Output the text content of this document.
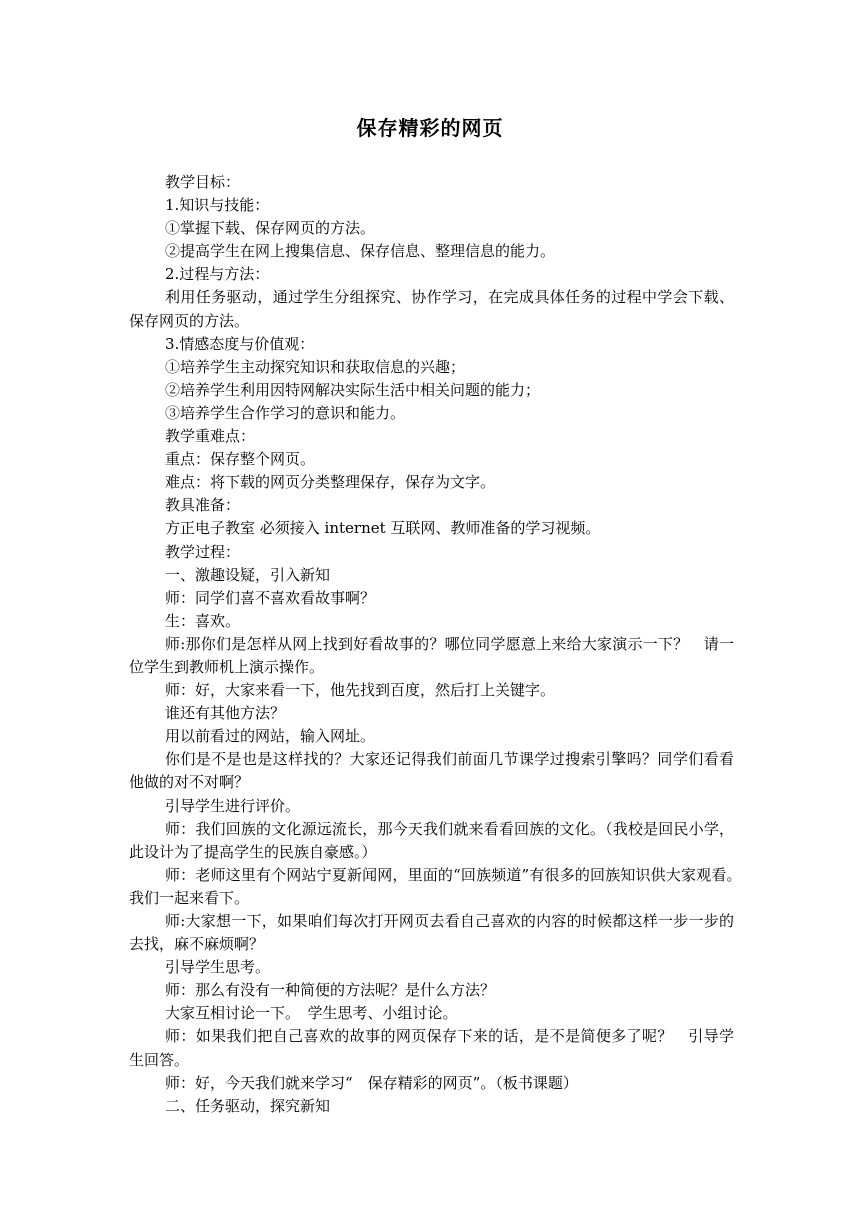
保存精彩的网页

教学目标：

1.知识与技能：

①掌握下载、保存网页的方法。

②提高学生在网上搜集信息、保存信息、整理信息的能力。

2.过程与方法：

利用任务驱动，通过学生分组探究、协作学习，在完成具体任务的过程中学会下载、保存网页的方法。

3.情感态度与价值观：

①培养学生主动探究知识和获取信息的兴趣；

②培养学生利用因特网解决实际生活中相关问题的能力；

③培养学生合作学习的意识和能力。

教学重难点：

重点：保存整个网页。

难点：将下载的网页分类整理保存，保存为文字。

教具准备：

方正电子教室 必须接入 internet 互联网、教师准备的学习视频。

教学过程：

一、激趣设疑，引入新知

师：同学们喜不喜欢看故事啊？

生：喜欢。

师:那你们是怎样从网上找到好看故事的？哪位同学愿意上来给大家演示一下？　请一位学生到教师机上演示操作。

师：好，大家来看一下，他先找到百度，然后打上关键字。

谁还有其他方法？

用以前看过的网站，输入网址。

你们是不是也是这样找的？大家还记得我们前面几节课学过搜索引擎吗？同学们看看他做的对不对啊？

引导学生进行评价。

师：我们回族的文化源远流长，那今天我们就来看看回族的文化。（我校是回民小学，此设计为了提高学生的民族自豪感。）

师：老师这里有个网站宁夏新闻网，里面的“回族频道”有很多的回族知识供大家观看。　我们一起来看下。

师:大家想一下，如果咱们每次打开网页去看自己喜欢的内容的时候都这样一步一步的去找，麻不麻烦啊？

引导学生思考。

师：那么有没有一种简便的方法呢？是什么方法？

大家互相讨论一下。　学生思考、小组讨论。

师：如果我们把自己喜欢的故事的网页保存下来的话，是不是简便多了呢？　引导学生回答。

师：好，今天我们就来学习“　保存精彩的网页”。（板书课题）

二、任务驱动，探究新知
